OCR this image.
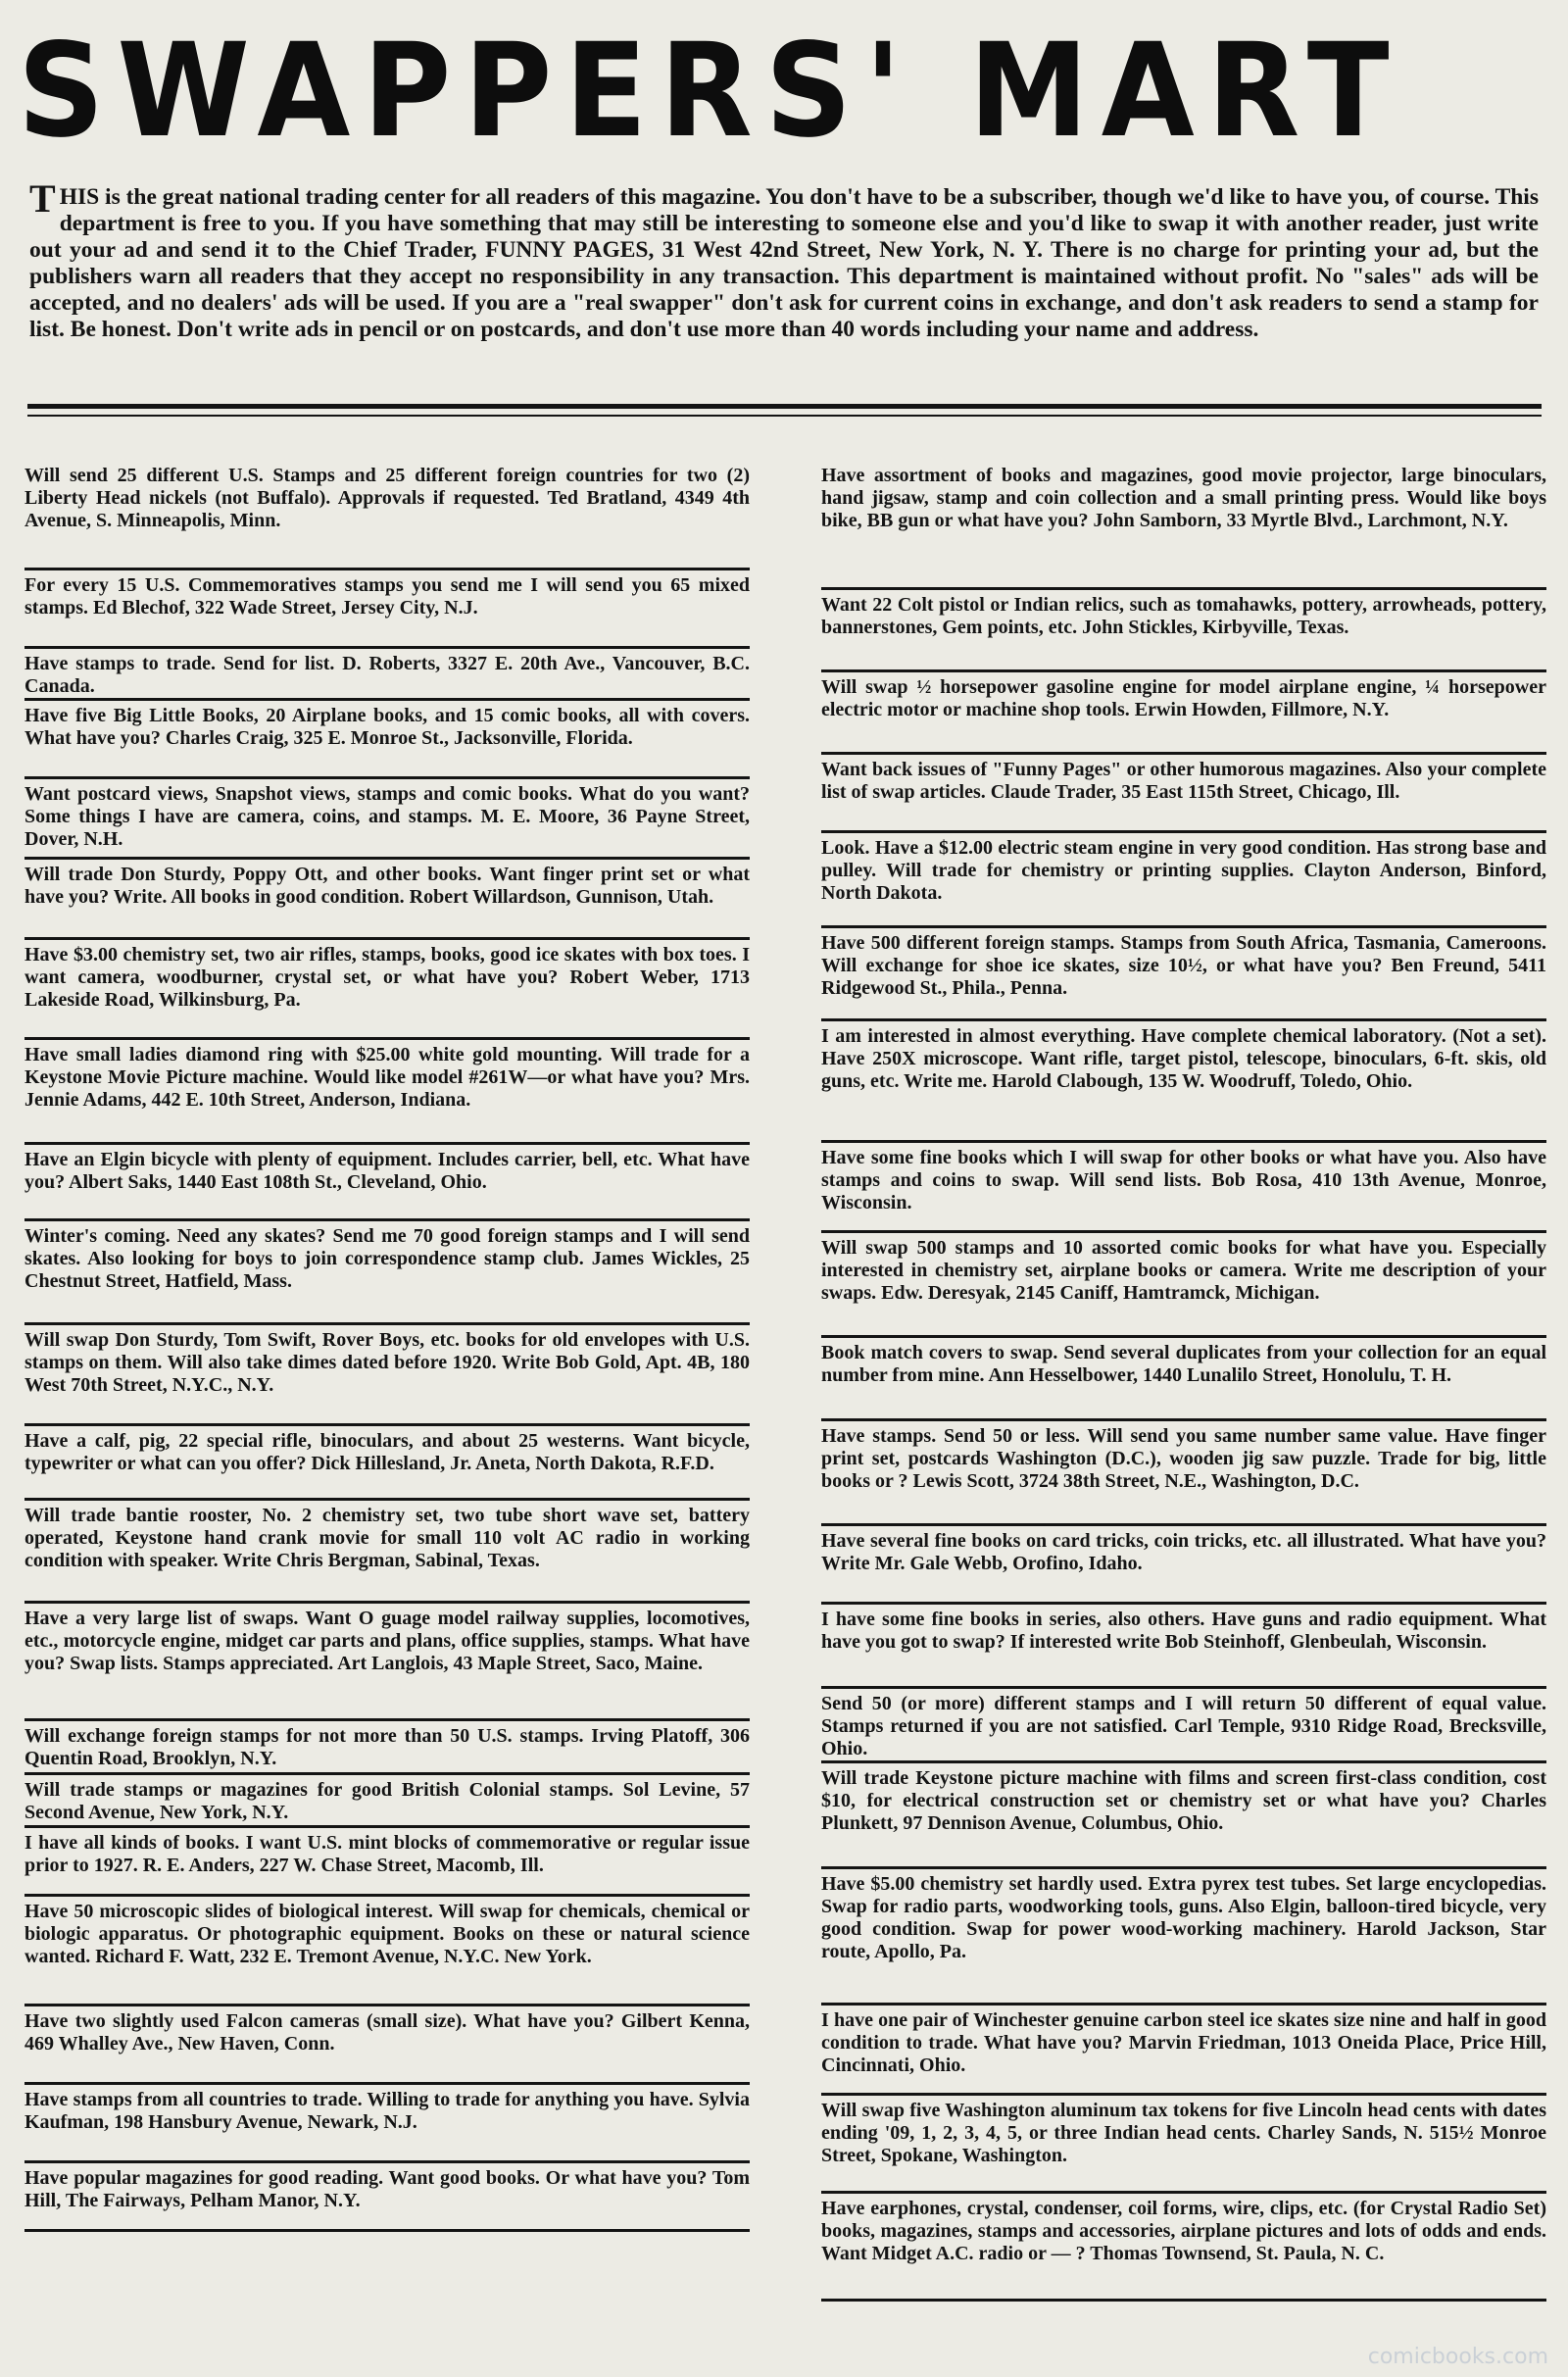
SWAPPERS' MART
THIS is the great national trading center for all readers of this magazine. You don't have to be a subscriber, though we'd like to have you, of course. This department is free to you. If you have something that may still be interesting to someone else and you'd like to swap it with another reader, just write out your ad and send it to the Chief Trader, FUNNY PAGES, 31 West 42nd Street, New York, N. Y. There is no charge for printing your ad, but the publishers warn all readers that they accept no responsibility in any transaction. This department is maintained without profit. No "sales" ads will be accepted, and no dealers' ads will be used. If you are a "real swapper" don't ask for current coins in exchange, and don't ask readers to send a stamp for list. Be honest. Don't write ads in pencil or on postcards, and don't use more than 40 words including your name and address.

Will send 25 different U.S. Stamps and 25 different foreign countries for two (2) Liberty Head nickels (not Buffalo). Approvals if requested. Ted Bratland, 4349 4th Avenue, S. Minneapolis, Minn.

For every 15 U.S. Commemoratives stamps you send me I will send you 65 mixed stamps. Ed Blechof, 322 Wade Street, Jersey City, N.J.

Have stamps to trade. Send for list. D. Roberts, 3327 E. 20th Ave., Vancouver, B.C. Canada.

Have five Big Little Books, 20 Airplane books, and 15 comic books, all with covers. What have you? Charles Craig, 325 E. Monroe St., Jacksonville, Florida.

Want postcard views, Snapshot views, stamps and comic books. What do you want? Some things I have are camera, coins, and stamps. M. E. Moore, 36 Payne Street, Dover, N.H.

Will trade Don Sturdy, Poppy Ott, and other books. Want finger print set or what have you? Write. All books in good condition. Robert Willardson, Gunnison, Utah.

Have $3.00 chemistry set, two air rifles, stamps, books, good ice skates with box toes. I want camera, woodburner, crystal set, or what have you? Robert Weber, 1713 Lakeside Road, Wilkinsburg, Pa.

Have small ladies diamond ring with $25.00 white gold mounting. Will trade for a Keystone Movie Picture machine. Would like model #261W—or what have you? Mrs. Jennie Adams, 442 E. 10th Street, Anderson, Indiana.

Have an Elgin bicycle with plenty of equipment. Includes carrier, bell, etc. What have you? Albert Saks, 1440 East 108th St., Cleveland, Ohio.

Winter's coming. Need any skates? Send me 70 good foreign stamps and I will send skates. Also looking for boys to join correspondence stamp club. James Wickles, 25 Chestnut Street, Hatfield, Mass.

Will swap Don Sturdy, Tom Swift, Rover Boys, etc. books for old envelopes with U.S. stamps on them. Will also take dimes dated before 1920. Write Bob Gold, Apt. 4B, 180 West 70th Street, N.Y.C., N.Y.

Have a calf, pig, 22 special rifle, binoculars, and about 25 westerns. Want bicycle, typewriter or what can you offer? Dick Hillesland, Jr. Aneta, North Dakota, R.F.D.

Will trade bantie rooster, No. 2 chemistry set, two tube short wave set, battery operated, Keystone hand crank movie for small 110 volt AC radio in working condition with speaker. Write Chris Bergman, Sabinal, Texas.

Have a very large list of swaps. Want O guage model railway supplies, locomotives, etc., motorcycle engine, midget car parts and plans, office supplies, stamps. What have you? Swap lists. Stamps appreciated. Art Langlois, 43 Maple Street, Saco, Maine.

Will exchange foreign stamps for not more than 50 U.S. stamps. Irving Platoff, 306 Quentin Road, Brooklyn, N.Y.

Will trade stamps or magazines for good British Colonial stamps. Sol Levine, 57 Second Avenue, New York, N.Y.

I have all kinds of books. I want U.S. mint blocks of commemorative or regular issue prior to 1927. R. E. Anders, 227 W. Chase Street, Macomb, Ill.

Have 50 microscopic slides of biological interest. Will swap for chemicals, chemical or biologic apparatus. Or photographic equipment. Books on these or natural science wanted. Richard F. Watt, 232 E. Tremont Avenue, N.Y.C. New York.

Have two slightly used Falcon cameras (small size). What have you? Gilbert Kenna, 469 Whalley Ave., New Haven, Conn.

Have stamps from all countries to trade. Willing to trade for anything you have. Sylvia Kaufman, 198 Hansbury Avenue, Newark, N.J.

Have popular magazines for good reading. Want good books. Or what have you? Tom Hill, The Fairways, Pelham Manor, N.Y.

Have assortment of books and magazines, good movie projector, large binoculars, hand jigsaw, stamp and coin collection and a small printing press. Would like boys bike, BB gun or what have you? John Samborn, 33 Myrtle Blvd., Larchmont, N.Y.

Want 22 Colt pistol or Indian relics, such as tomahawks, pottery, arrowheads, pottery, bannerstones, Gem points, etc. John Stickles, Kirbyville, Texas.

Will swap ½ horsepower gasoline engine for model airplane engine, ¼ horsepower electric motor or machine shop tools. Erwin Howden, Fillmore, N.Y.

Want back issues of "Funny Pages" or other humorous magazines. Also your complete list of swap articles. Claude Trader, 35 East 115th Street, Chicago, Ill.

Look. Have a $12.00 electric steam engine in very good condition. Has strong base and pulley. Will trade for chemistry or printing supplies. Clayton Anderson, Binford, North Dakota.

Have 500 different foreign stamps. Stamps from South Africa, Tasmania, Cameroons. Will exchange for shoe ice skates, size 10½, or what have you? Ben Freund, 5411 Ridgewood St., Phila., Penna.

I am interested in almost everything. Have complete chemical laboratory. (Not a set). Have 250X microscope. Want rifle, target pistol, telescope, binoculars, 6-ft. skis, old guns, etc. Write me. Harold Clabough, 135 W. Woodruff, Toledo, Ohio.

Have some fine books which I will swap for other books or what have you. Also have stamps and coins to swap. Will send lists. Bob Rosa, 410 13th Avenue, Monroe, Wisconsin.

Will swap 500 stamps and 10 assorted comic books for what have you. Especially interested in chemistry set, airplane books or camera. Write me description of your swaps. Edw. Deresyak, 2145 Caniff, Hamtramck, Michigan.

Book match covers to swap. Send several duplicates from your collection for an equal number from mine. Ann Hesselbower, 1440 Lunalilo Street, Honolulu, T. H.

Have stamps. Send 50 or less. Will send you same number same value. Have finger print set, postcards Washington (D.C.), wooden jig saw puzzle. Trade for big, little books or ? Lewis Scott, 3724 38th Street, N.E., Washington, D.C.

Have several fine books on card tricks, coin tricks, etc. all illustrated. What have you? Write Mr. Gale Webb, Orofino, Idaho.

I have some fine books in series, also others. Have guns and radio equipment. What have you got to swap? If interested write Bob Steinhoff, Glenbeulah, Wisconsin.

Send 50 (or more) different stamps and I will return 50 different of equal value. Stamps returned if you are not satisfied. Carl Temple, 9310 Ridge Road, Brecksville, Ohio.

Will trade Keystone picture machine with films and screen first-class condition, cost $10, for electrical construction set or chemistry set or what have you? Charles Plunkett, 97 Dennison Avenue, Columbus, Ohio.

Have $5.00 chemistry set hardly used. Extra pyrex test tubes. Set large encyclopedias. Swap for radio parts, woodworking tools, guns. Also Elgin, balloon-tired bicycle, very good condition. Swap for power wood-working machinery. Harold Jackson, Star route, Apollo, Pa.

I have one pair of Winchester genuine carbon steel ice skates size nine and half in good condition to trade. What have you? Marvin Friedman, 1013 Oneida Place, Price Hill, Cincinnati, Ohio.

Will swap five Washington aluminum tax tokens for five Lincoln head cents with dates ending '09, 1, 2, 3, 4, 5, or three Indian head cents. Charley Sands, N. 515½ Monroe Street, Spokane, Washington.

Have earphones, crystal, condenser, coil forms, wire, clips, etc. (for Crystal Radio Set) books, magazines, stamps and accessories, airplane pictures and lots of odds and ends. Want Midget A.C. radio or — ? Thomas Townsend, St. Paula, N. C.

comicbooks.com
